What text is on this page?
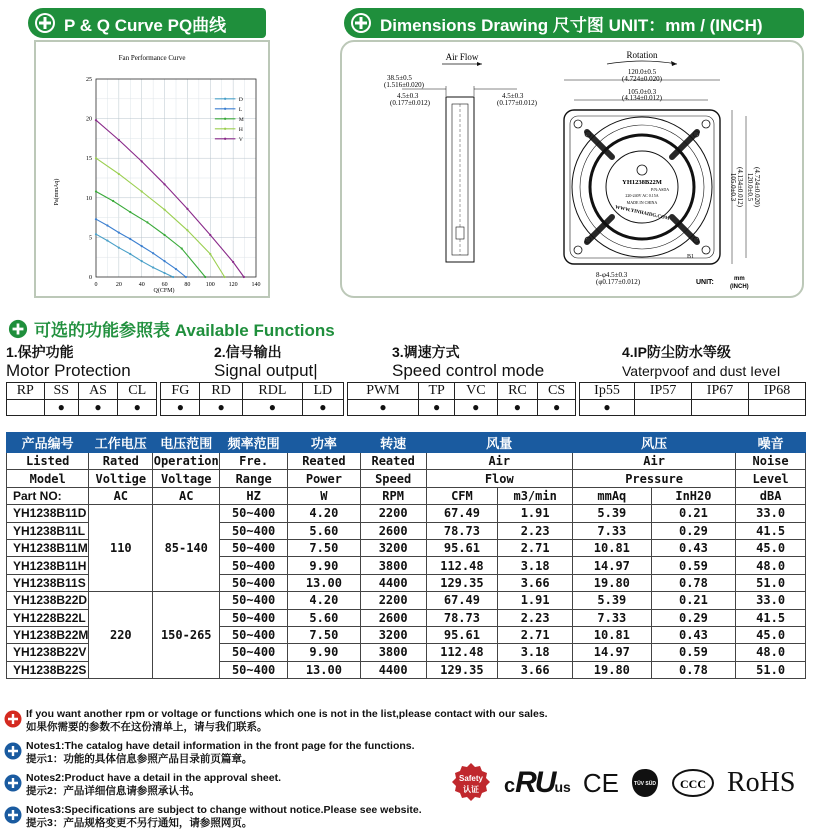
P & Q Curve PQ曲线
Fan Performance Curve
0
5
10
15
20
25
0	20	40	60	80	100 120 140
Pa(mmAq)
Q(CFM)
D
L
M
H
V
Dimensions Drawing 尺寸图 UNIT：mm / (INCH)
Air Flow
38.5±0.5
(1.516±0.020)
4.5±0.3
(0.177±0.012)
4.5±0.3
(0.177±0.012)
Rotation
120.0±0.5
(4.724±0.020)
105.0±0.3
(4.134±0.012)
YH1238B22M
P/N:ASDA
220-240V AC 0.15A
MADE IN CHINA
WWW.YINHAIDG.COM
B1
105.0±0.3 (4.134±0.012) 120.0±0.5 (4.724±0.020)
8-φ4.5±0.3
(φ0.177±0.012)	UNIT:	mm
(INCH)
可选的功能参照表 Available Functions
1.保护功能
Motor Protection
2.信号输出
Signal output|
3.调速方式
Speed control mode
4.IP防尘防水等级
Vaterpvoof and dust IeveI
RP	SS	AS	CL		FG	RD	RDL	LD		PWM	TP	VC	RC	CS		Ip55	IP57	IP67	IP68
	●	●	●		●	●	●	●		●	●	●	●	●		●			
产品编号	工作电压	电压范围	频率范围	功率	转速	风量		风压		噪音
Listed	Rated	Operation	Fre.	Reated	Reated	Air		Air		Noise
Model	Voltige	Voltage	Range	Power	Speed	Flow		Pressure		Level
Part NO:	AC	AC	HZ	W	RPM	CFM	m3/min	mmAq	InH20	dBA
YH1238B11D	110	85-140	50~400	4.20	2200	67.49	1.91	5.39	0.21	33.0
YH1238B11L			50~400	5.60	2600	78.73	2.23	7.33	0.29	41.5
YH1238B11M			50~400	7.50	3200	95.61	2.71	10.81	0.43	45.0
YH1238B11H			50~400	9.90	3800	112.48	3.18	14.97	0.59	48.0
YH1238B11S			50~400	13.00	4400	129.35	3.66	19.80	0.78	51.0
YH1238B22D	220	150-265	50~400	4.20	2200	67.49	1.91	5.39	0.21	33.0
YH1228B22L			50~400	5.60	2600	78.73	2.23	7.33	0.29	41.5
YH1238B22M			50~400	7.50	3200	95.61	2.71	10.81	0.43	45.0
YH1238B22V			50~400	9.90	3800	112.48	3.18	14.97	0.59	48.0
YH1238B22S			50~400	13.00	4400	129.35	3.66	19.80	0.78	51.0
If you want another rpm or voltage or functions which one is not in the list,please contact with our sales.
如果你需要的参数不在这份清单上，请与我们联系。
Notes1:The catalog have detail information in the front page for the functions.
提示1：功能的具体信息参照产品目录前页篇章。
Notes2:Product have a detail in the approval sheet.
提示2：产品详细信息请参照承认书。
Notes3:Specifications are subject to change without notice.Please see website.
提示3：产品规格变更不另行通知，请参照网页。
Safety
认证 c RU us CE	TÜV SÜD CCC RoHS
